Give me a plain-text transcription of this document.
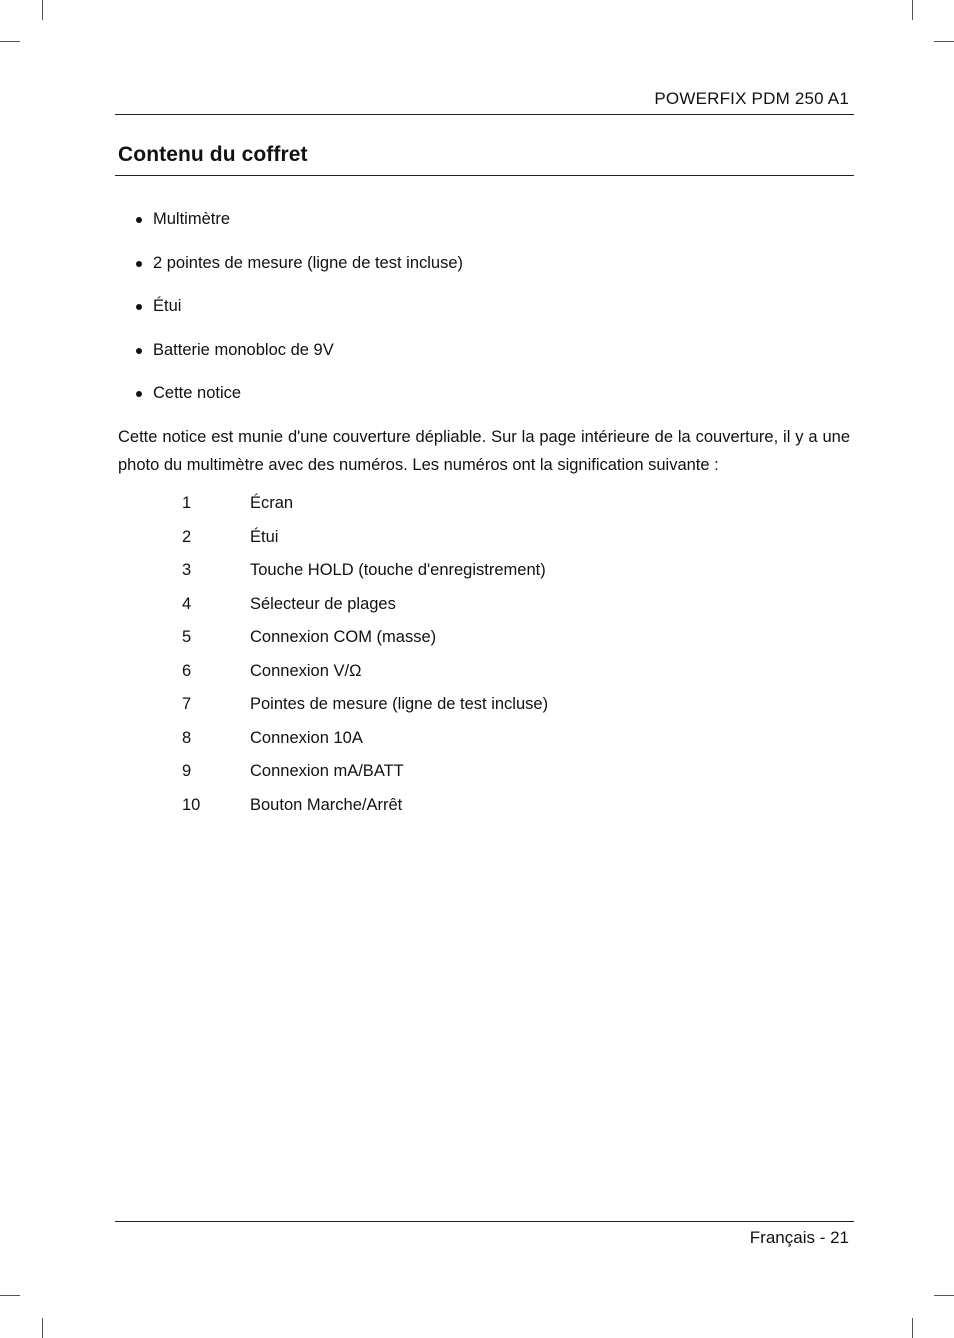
POWERFIX PDM 250 A1
Contenu du coffret
Multimètre
2 pointes de mesure (ligne de test incluse)
Étui
Batterie monobloc de 9V
Cette notice

Cette notice est munie d'une couverture dépliable. Sur la page intérieure de la couverture, il y a une photo du multimètre avec des numéros. Les numéros ont la signification suivante :

1	Écran
2	Étui
3	Touche HOLD (touche d'enregistrement)
4	Sélecteur de plages
5	Connexion COM (masse)
6	Connexion V/Ω
7	Pointes de mesure (ligne de test incluse)
8	Connexion 10A
9	Connexion mA/BATT
10	Bouton Marche/Arrêt
Français - 21
